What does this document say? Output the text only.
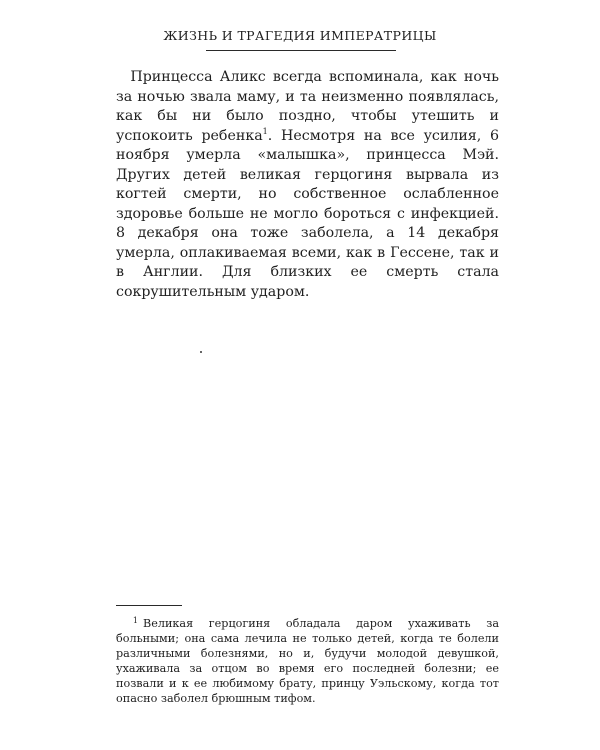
ЖИЗНЬ И ТРАГЕДИЯ ИМПЕРАТРИЦЫ

Принцесса Аликс всегда вспоминала, как ночь за ночью звала маму, и та неизменно появлялась, как бы ни было поздно, чтобы утешить и успокоить ребенка$^1$. Несмотря на все усилия, 6 ноября умерла «малышка», принцесса Мэй. Других детей великая герцогиня вырвала из когтей смерти, но собственное ослабленное здоровье больше не могло бороться с инфекцией. 8 декабря она тоже заболела, а 14 декабря умерла, оплакиваемая всеми, как в Гессене, так и в Англии. Для близких ее смерть стала сокрушительным ударом.

1 Великая герцогиня обладала даром ухаживать за больными; она сама лечила не только детей, когда те болели различными болезнями, но и, будучи молодой девушкой, ухаживала за отцом во время его последней болезни; ее позвали и к ее любимому брату, принцу Уэльскому, когда тот опасно заболел брюшным тифом.
